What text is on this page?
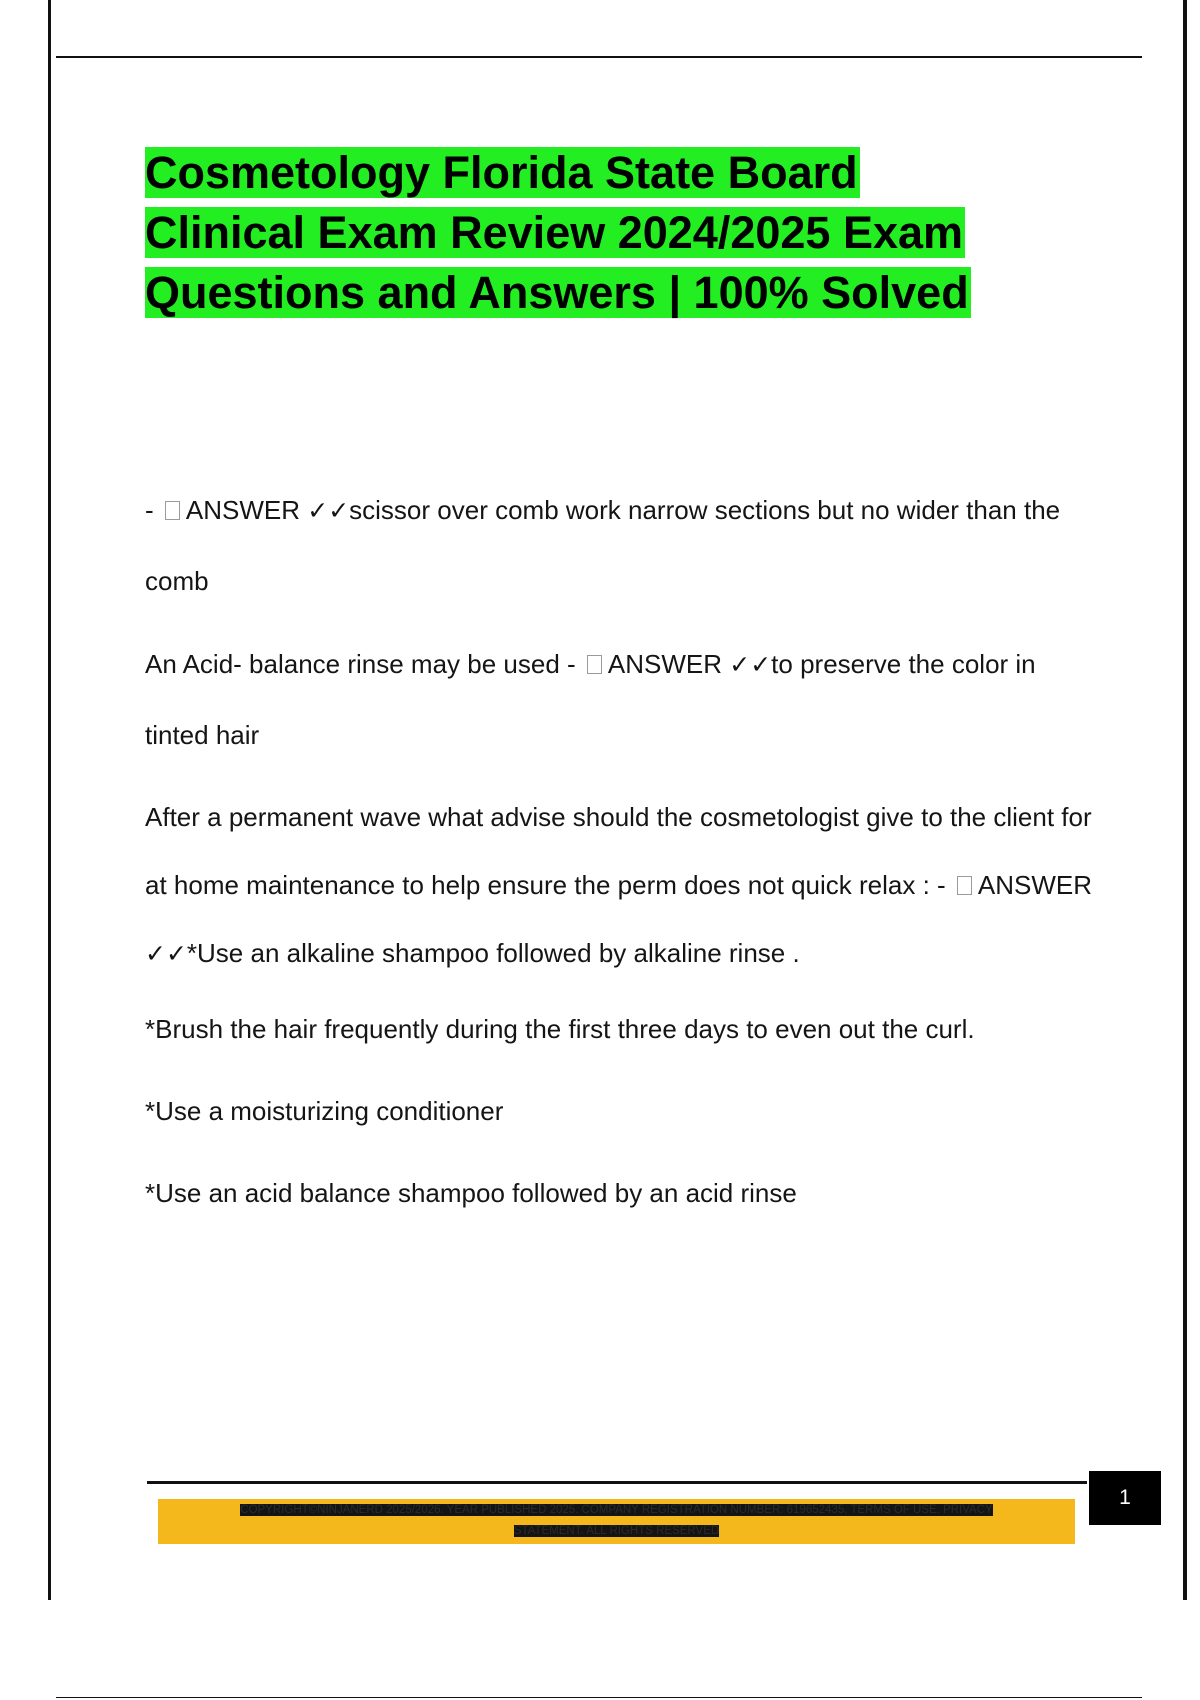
Cosmetology Florida State Board
Clinical Exam Review 2024/2025 Exam
Questions and Answers | 100% Solved

- ANSWER ✓✓scissor over comb work narrow sections but no wider than the comb

An Acid- balance rinse may be used - ANSWER ✓✓to preserve the color in tinted hair

After a permanent wave what advise should the cosmetologist give to the client for at home maintenance to help ensure the perm does not quick relax : - ANSWER ✓✓*Use an alkaline shampoo followed by alkaline rinse .

*Brush the hair frequently during the first three days to even out the curl.

*Use a moisturizing conditioner

*Use an acid balance shampoo followed by an acid rinse

COPYRIGHT©NINJANERD 2025/2026. YEAR PUBLISHED 2025. COMPANY REGISTRATION NUMBER: 619652435. TERMS OF USE. PRIVACY
STATEMENT. ALL RIGHTS RESERVED
1
